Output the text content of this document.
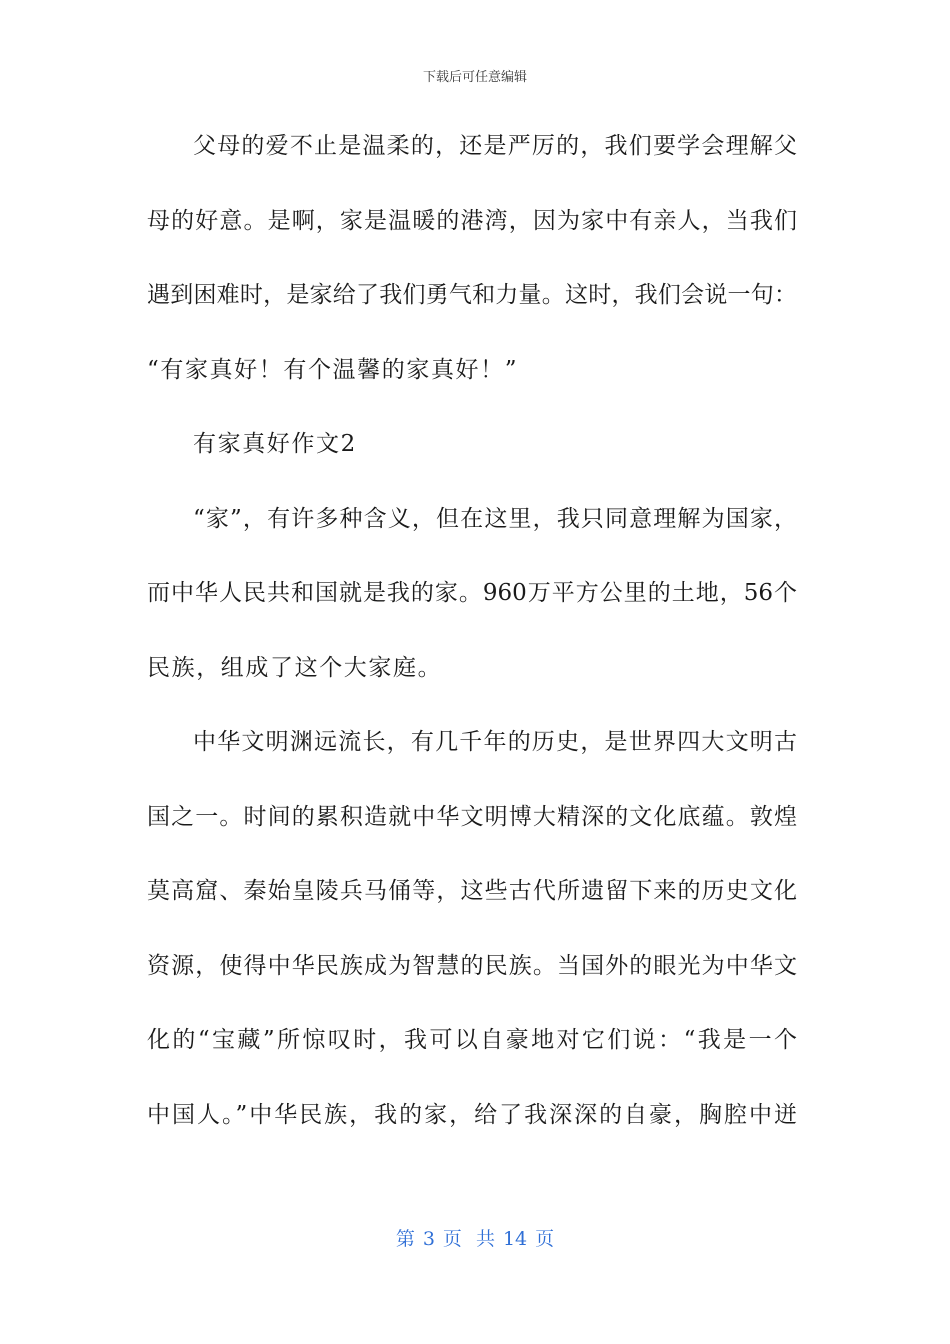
下载后可任意编辑
父母的爱不止是温柔的，还是严厉的，我们要学会理解父
母的好意。是啊，家是温暖的港湾，因为家中有亲人，当我们
遇到困难时，是家给了我们勇气和力量。这时，我们会说一句：
“有家真好！有个温馨的家真好！”
有家真好作文2
“家”，有许多种含义，但在这里，我只同意理解为国家，
而中华人民共和国就是我的家。960万平方公里的土地，56个
民族，组成了这个大家庭。
中华文明渊远流长，有几千年的历史，是世界四大文明古
国之一。时间的累积造就中华文明博大精深的文化底蕴。敦煌
莫高窟、秦始皇陵兵马俑等，这些古代所遗留下来的历史文化
资源，使得中华民族成为智慧的民族。当国外的眼光为中华文
化的“宝藏”所惊叹时，我可以自豪地对它们说：“我是一个
中国人。”中华民族，我的家，给了我深深的自豪，胸腔中迸
第 3 页 共 14 页
